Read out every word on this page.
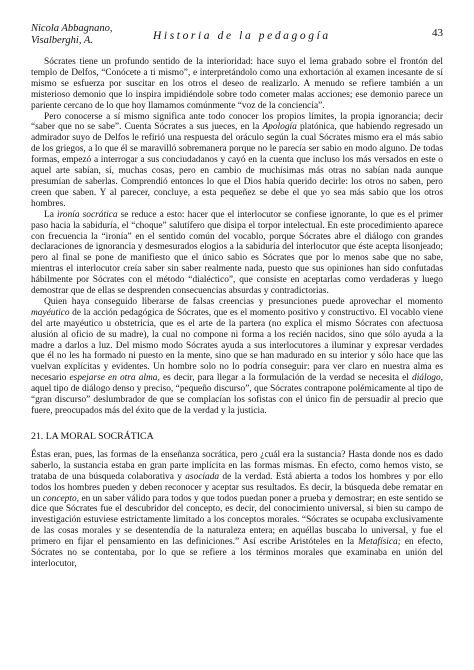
Nicola Abbagnano,
Visalberghi, A.	Historia de la pedagogía	43

Sócrates tiene un profundo sentido de la interioridad: hace suyo el lema grabado sobre el frontón del templo de Delfos, “Conócete a ti mismo”, e interpretándolo como una exhortación al examen incesante de sí mismo se esfuerza por suscitar en los otros el deseo de realizarlo. A menudo se refiere también a un misterioso demonio que lo inspira impidiéndole sobre todo cometer malas acciones; ese demonio parece un pariente cercano de lo que hoy llamamos comúnmente “voz de la conciencia”.

Pero conocerse a sí mismo significa ante todo conocer los propios límites, la propia ignorancia; decir “saber que no se sabe”. Cuenta Sócrates a sus jueces, en la Apología platónica, que habiendo regresado un admirador suyo de Delfos le refirió una respuesta del oráculo según la cual Sócrates mismo era el más sabio de los griegos, a lo que él se maravilló sobremanera porque no le parecía ser sabio en modo alguno. De todas formas, empezó a interrogar a sus conciudadanos y cayó en la cuenta que incluso los más versados en este o aquel arte sabían, sí, muchas cosas, pero en cambio de muchísimas más otras no sabían nada aunque presumían de saberlas. Comprendió entonces lo que el Dios había querido decirle: los otros no saben, pero creen que saben. Y al parecer, concluye, a esta pequeñez se debe el que yo sea más sabio que los otros hombres.

La ironía socrática se reduce a esto: hacer que el interlocutor se confiese ignorante, lo que es el primer paso hacia la sabiduría, el “choque” salutífero que disipa el torpor intelectual. En este procedimiento aparece con frecuencia la “ironía” en el sentido común del vocablo, porque Sócrates abre el diálogo con grandes declaraciones de ignorancia y desmesurados elogios a la sabiduría del interlocutor que éste acepta lisonjeado; pero al final se pone de manifiesto que el único sabio es Sócrates que por lo menos sabe que no sabe, mientras el interlocutor creía saber sin saber realmente nada, puesto que sus opiniones han sido confutadas hábilmente por Sócrates con el método “dialéctico”, que consiste en aceptarlas como verdaderas y luego demostrar que de ellas se desprenden consecuencias absurdas y contradictorias.

Quien haya conseguido liberarse de falsas creencias y presunciones puede aprovechar el momento mayéutico de la acción pedagógica de Sócrates, que es el momento positivo y constructivo. El vocablo viene del arte mayéutico u obstetricia, que es el arte de la partera (no explica el mismo Sócrates con afectuosa alusión al oficio de su madre), la cual no compone ni forma a los recién nacidos, sino que sólo ayuda a la madre a darlos a luz. Del mismo modo Sócrates ayuda a sus interlocutores a iluminar y expresar verdades que él no les ha formado ni puesto en la mente, sino que se han madurado en su interior y sólo hace que las vuelvan explícitas y evidentes. Un hombre solo no lo podría conseguir: para ver claro en nuestra alma es necesario espejarse en otra alma, es decir, para llegar a la formulación de la verdad se necesita el diálogo, aquel tipo de diálogo denso y preciso, “pequeño discurso”, que Sócrates contrapone polémicamente al tipo de “gran discurso” deslumbrador de que se complacían los sofistas con el único fin de persuadir al precio que fuere, preocupados más del éxito que de la verdad y la justicia.

21. LA MORAL SOCRÁTICA

Éstas eran, pues, las formas de la enseñanza socrática, pero ¿cuál era la sustancia? Hasta donde nos es dado saberlo, la sustancia estaba en gran parte implícita en las formas mismas. En efecto, como hemos visto, se trataba de una búsqueda colaborativa y asociada de la verdad. Está abierta a todos los hombres y por ello todos los hombres pueden y deben reconocer y aceptar sus resultados. Es decir, la búsqueda debe rematar en un concepto, en un saber válido para todos y que todos puedan poner a prueba y demostrar; en este sentido se dice que Sócrates fue el descubridor del concepto, es decir, del conocimiento universal, si bien su campo de investigación estuviese estrictamente limitado a los conceptos morales. “Sócrates se ocupaba exclusivamente de las cosas morales y se desentendía de la naturaleza entera; en aquéllas buscaba lo universal, y fue el primero en fijar el pensamiento en las definiciones.” Así escribe Aristóteles en la Metafísica; en efecto, Sócrates no se contentaba, por lo que se refiere a los términos morales que examinaba en unión del interlocutor,
